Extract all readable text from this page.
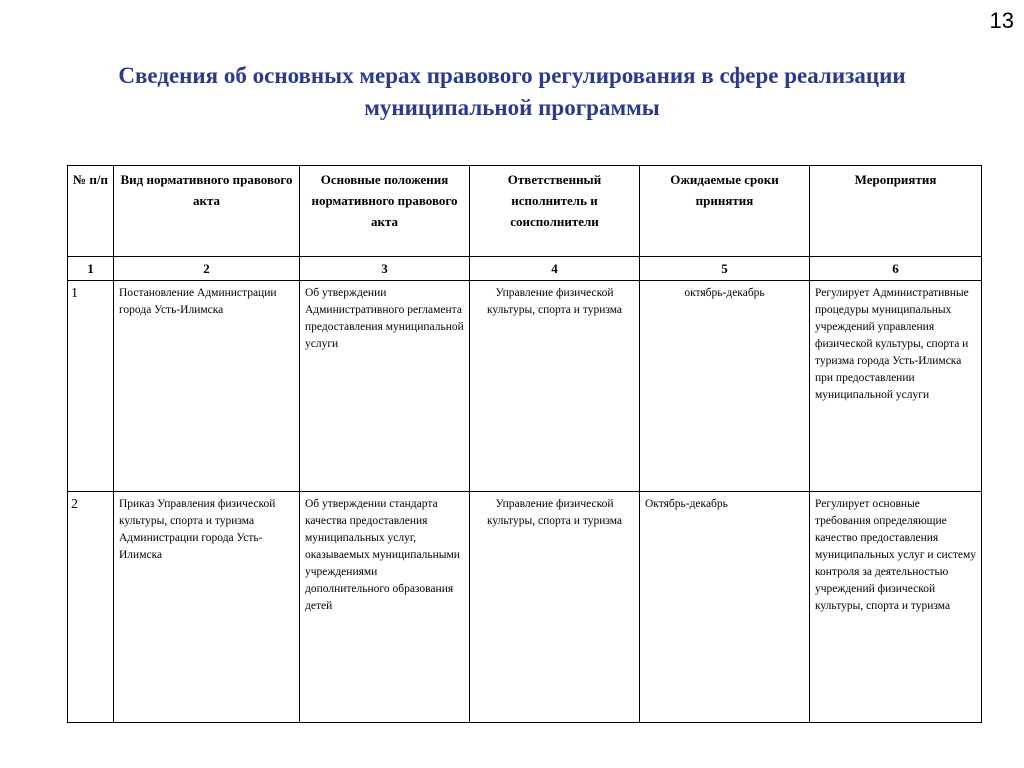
13
Сведения об основных мерах правового регулирования в сфере реализации муниципальной программы
№ п/п	Вид нормативного правового акта	Основные положения нормативного правового акта	Ответственный исполнитель и соисполнители	Ожидаемые сроки принятия	Мероприятия
1	2	3	4	5	6
1	Постановление Администрации города Усть-Илимска	Об утверждении Административного регламента предоставления муниципальной услуги	Управление физической культуры, спорта и туризма	октябрь-декабрь	Регулирует Административные процедуры муниципальных учреждений управления физической культуры, спорта и туризма города Усть-Илимска при предоставлении муниципальной услуги
2	Приказ Управления физической культуры, спорта и туризма Администрации города Усть-Илимска	Об утверждении стандарта качества предоставления муниципальных услуг, оказываемых муниципальными учреждениями дополнительного образования детей	Управление физической культуры, спорта и туризма	Октябрь-декабрь	Регулирует основные требования определяющие качество предоставления муниципальных услуг и систему контроля за деятельностью учреждений физической культуры, спорта и туризма
